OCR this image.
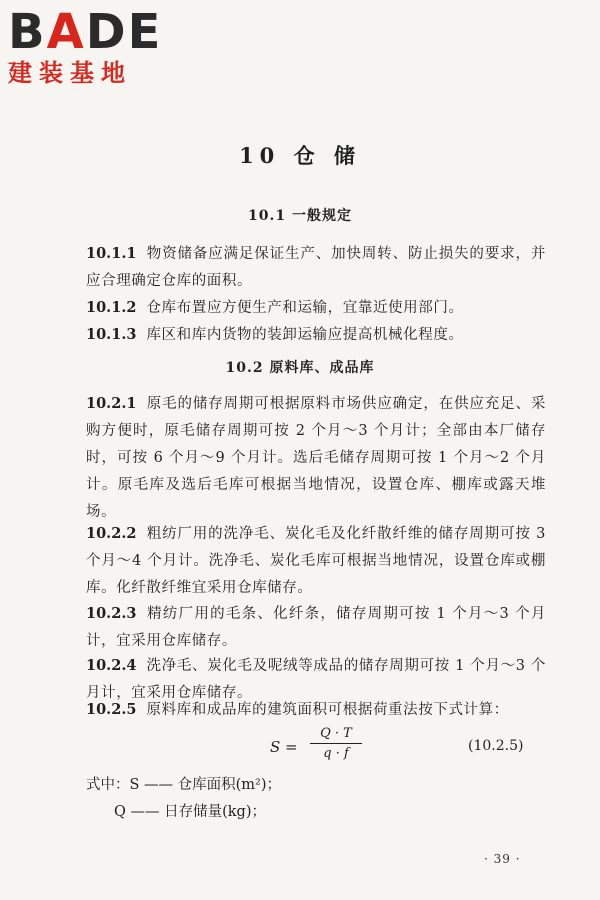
BADE
建装基地
10 仓 储
10.1 一般规定
10.1.1 物资储备应满足保证生产、加快周转、防止损失的要求，并应合理确定仓库的面积。
10.1.2 仓库布置应方便生产和运输，宜靠近使用部门。
10.1.3 库区和库内货物的装卸运输应提高机械化程度。
10.2 原料库、成品库
10.2.1 原毛的储存周期可根据原料市场供应确定，在供应充足、采购方便时，原毛储存周期可按 2 个月～3 个月计；全部由本厂储存时，可按 6 个月～9 个月计。选后毛储存周期可按 1 个月～2 个月计。原毛库及选后毛库可根据当地情况，设置仓库、棚库或露天堆场。
10.2.2 粗纺厂用的洗净毛、炭化毛及化纤散纤维的储存周期可按 3 个月～4 个月计。洗净毛、炭化毛库可根据当地情况，设置仓库或棚库。化纤散纤维宜采用仓库储存。
10.2.3 精纺厂用的毛条、化纤条，储存周期可按 1 个月～3 个月计，宜采用仓库储存。
10.2.4 洗净毛、炭化毛及呢绒等成品的储存周期可按 1 个月～3 个月计，宜采用仓库储存。
10.2.5 原料库和成品库的建筑面积可根据荷重法按下式计算：
$S = \frac{Q \cdot T}{q \cdot f}$	(10.2.5)
式中：S —— 仓库面积(m²)；
Q —— 日存储量(kg)；
· 39 ·
